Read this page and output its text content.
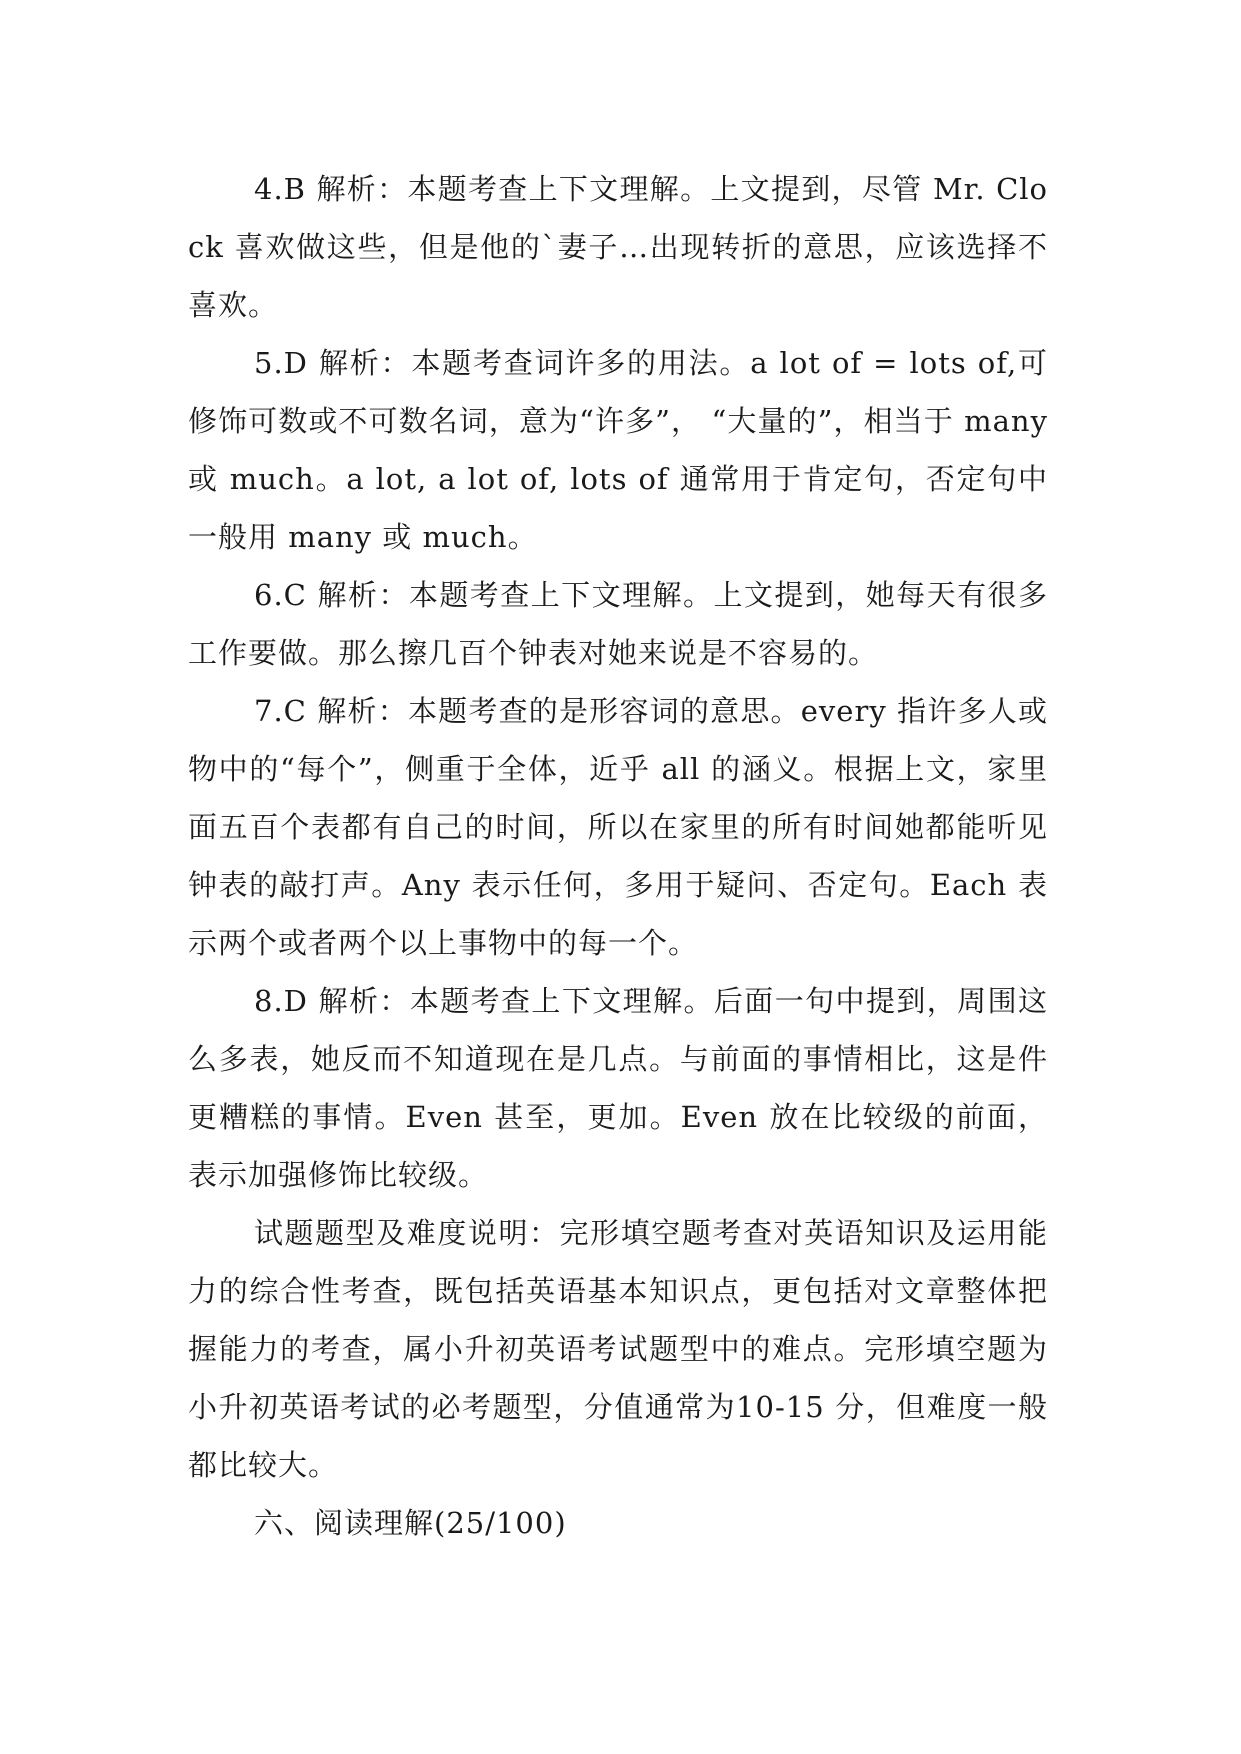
4.B 解析：本题考查上下文理解。上文提到，尽管 Mr. Clock 喜欢做这些，但是他的`妻子…出现转折的意思，应该选择不喜欢。

5.D 解析：本题考查词许多的用法。a lot of = lots of,可修饰可数或不可数名词，意为“许多”， “大量的”，相当于 many 或 much。a lot, a lot of, lots of 通常用于肯定句，否定句中一般用 many 或 much。

6.C 解析：本题考查上下文理解。上文提到，她每天有很多工作要做。那么擦几百个钟表对她来说是不容易的。

7.C 解析：本题考查的是形容词的意思。every 指许多人或物中的“每个”，侧重于全体，近乎 all 的涵义。根据上文，家里面五百个表都有自己的时间，所以在家里的所有时间她都能听见钟表的敲打声。Any 表示任何，多用于疑问、否定句。Each 表示两个或者两个以上事物中的每一个。

8.D 解析：本题考查上下文理解。后面一句中提到，周围这么多表，她反而不知道现在是几点。与前面的事情相比，这是件更糟糕的事情。Even 甚至，更加。Even 放在比较级的前面，表示加强修饰比较级。

试题题型及难度说明：完形填空题考查对英语知识及运用能力的综合性考查，既包括英语基本知识点，更包括对文章整体把握能力的考查，属小升初英语考试题型中的难点。完形填空题为小升初英语考试的必考题型，分值通常为10-15 分，但难度一般都比较大。

六、阅读理解(25/100)
